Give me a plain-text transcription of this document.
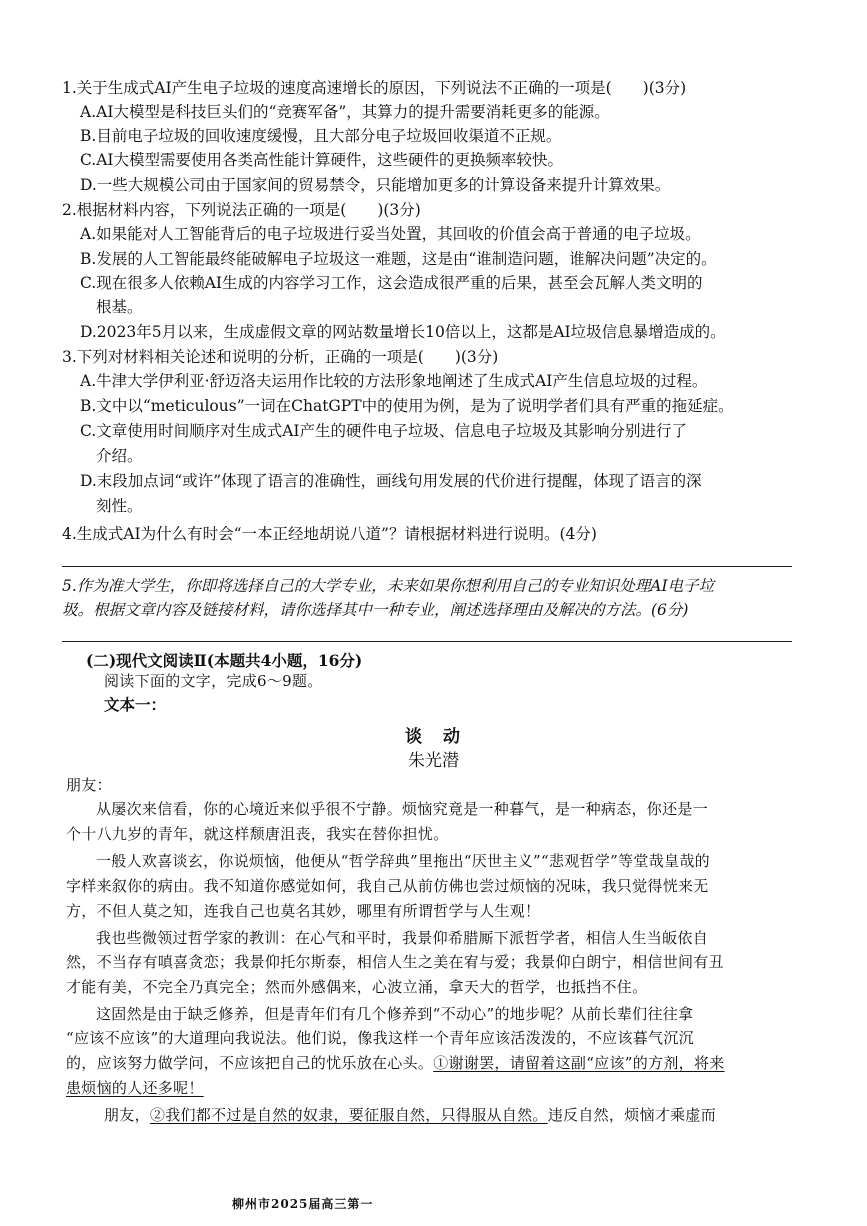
1.关于生成式AI产生电子垃圾的速度高速增长的原因，下列说法不正确的一项是(　　)(3分)
A.AI大模型是科技巨头们的“竞赛军备”，其算力的提升需要消耗更多的能源。
B.目前电子垃圾的回收速度缓慢，且大部分电子垃圾回收渠道不正规。
C.AI大模型需要使用各类高性能计算硬件，这些硬件的更换频率较快。
D.一些大规模公司由于国家间的贸易禁令，只能增加更多的计算设备来提升计算效果。
2.根据材料内容，下列说法正确的一项是(　　)(3分)
A.如果能对人工智能背后的电子垃圾进行妥当处置，其回收的价值会高于普通的电子垃圾。
B.发展的人工智能最终能破解电子垃圾这一难题，这是由“谁制造问题，谁解决问题”决定的。
C.现在很多人依赖AI生成的内容学习工作，这会造成很严重的后果，甚至会瓦解人类文明的
根基。
D.2023年5月以来，生成虚假文章的网站数量增长10倍以上，这都是AI垃圾信息暴增造成的。
3.下列对材料相关论述和说明的分析，正确的一项是(　　)(3分)
A.牛津大学伊利亚·舒迈洛夫运用作比较的方法形象地阐述了生成式AI产生信息垃圾的过程。
B.文中以“meticulous”一词在ChatGPT中的使用为例，是为了说明学者们具有严重的拖延症。
C.文章使用时间顺序对生成式AI产生的硬件电子垃圾、信息电子垃圾及其影响分别进行了
介绍。
D.末段加点词“或许”体现了语言的准确性，画线句用发展的代价进行提醒，体现了语言的深
刻性。
4.生成式AI为什么有时会“一本正经地胡说八道”？请根据材料进行说明。(4分)
5.作为准大学生，你即将选择自己的大学专业，未来如果你想利用自己的专业知识处理AI电子垃
圾。根据文章内容及链接材料，请你选择其中一种专业，阐述选择理由及解决的方法。(6分)
(二)现代文阅读Ⅱ(本题共4小题，16分)
阅读下面的文字，完成6～9题。
文本一：
谈　动
朱光潜
朋友：
从屡次来信看，你的心境近来似乎很不宁静。烦恼究竟是一种暮气，是一种病态，你还是一
个十八九岁的青年，就这样颓唐沮丧，我实在替你担忧。
一般人欢喜谈玄，你说烦恼，他便从“哲学辞典”里拖出“厌世主义”“悲观哲学”等堂哉皇哉的
字样来叙你的病由。我不知道你感觉如何，我自己从前仿佛也尝过烦恼的况味，我只觉得恍来无
方，不但人莫之知，连我自己也莫名其妙，哪里有所谓哲学与人生观！
我也些微领过哲学家的教训：在心气和平时，我景仰希腊厮下派哲学者，相信人生当皈依自
然，不当存有嗔喜贪恋；我景仰托尔斯泰，相信人生之美在宥与爱；我景仰白朗宁，相信世间有丑
才能有美，不完全乃真完全；然而外感偶来，心波立涌，拿天大的哲学，也抵挡不住。
这固然是由于缺乏修养，但是青年们有几个修养到“不动心”的地步呢？从前长辈们往往拿
“应该不应该”的大道理向我说法。他们说，像我这样一个青年应该活泼泼的，不应该暮气沉沉
的，应该努力做学问，不应该把自己的忧乐放在心头。①谢谢罢，请留着这副“应该”的方剂，将来
患烦恼的人还多呢！
朋友，②我们都不过是自然的奴隶，要征服自然，只得服从自然。违反自然，烦恼才乘虚而
柳州市2025届高三第一
